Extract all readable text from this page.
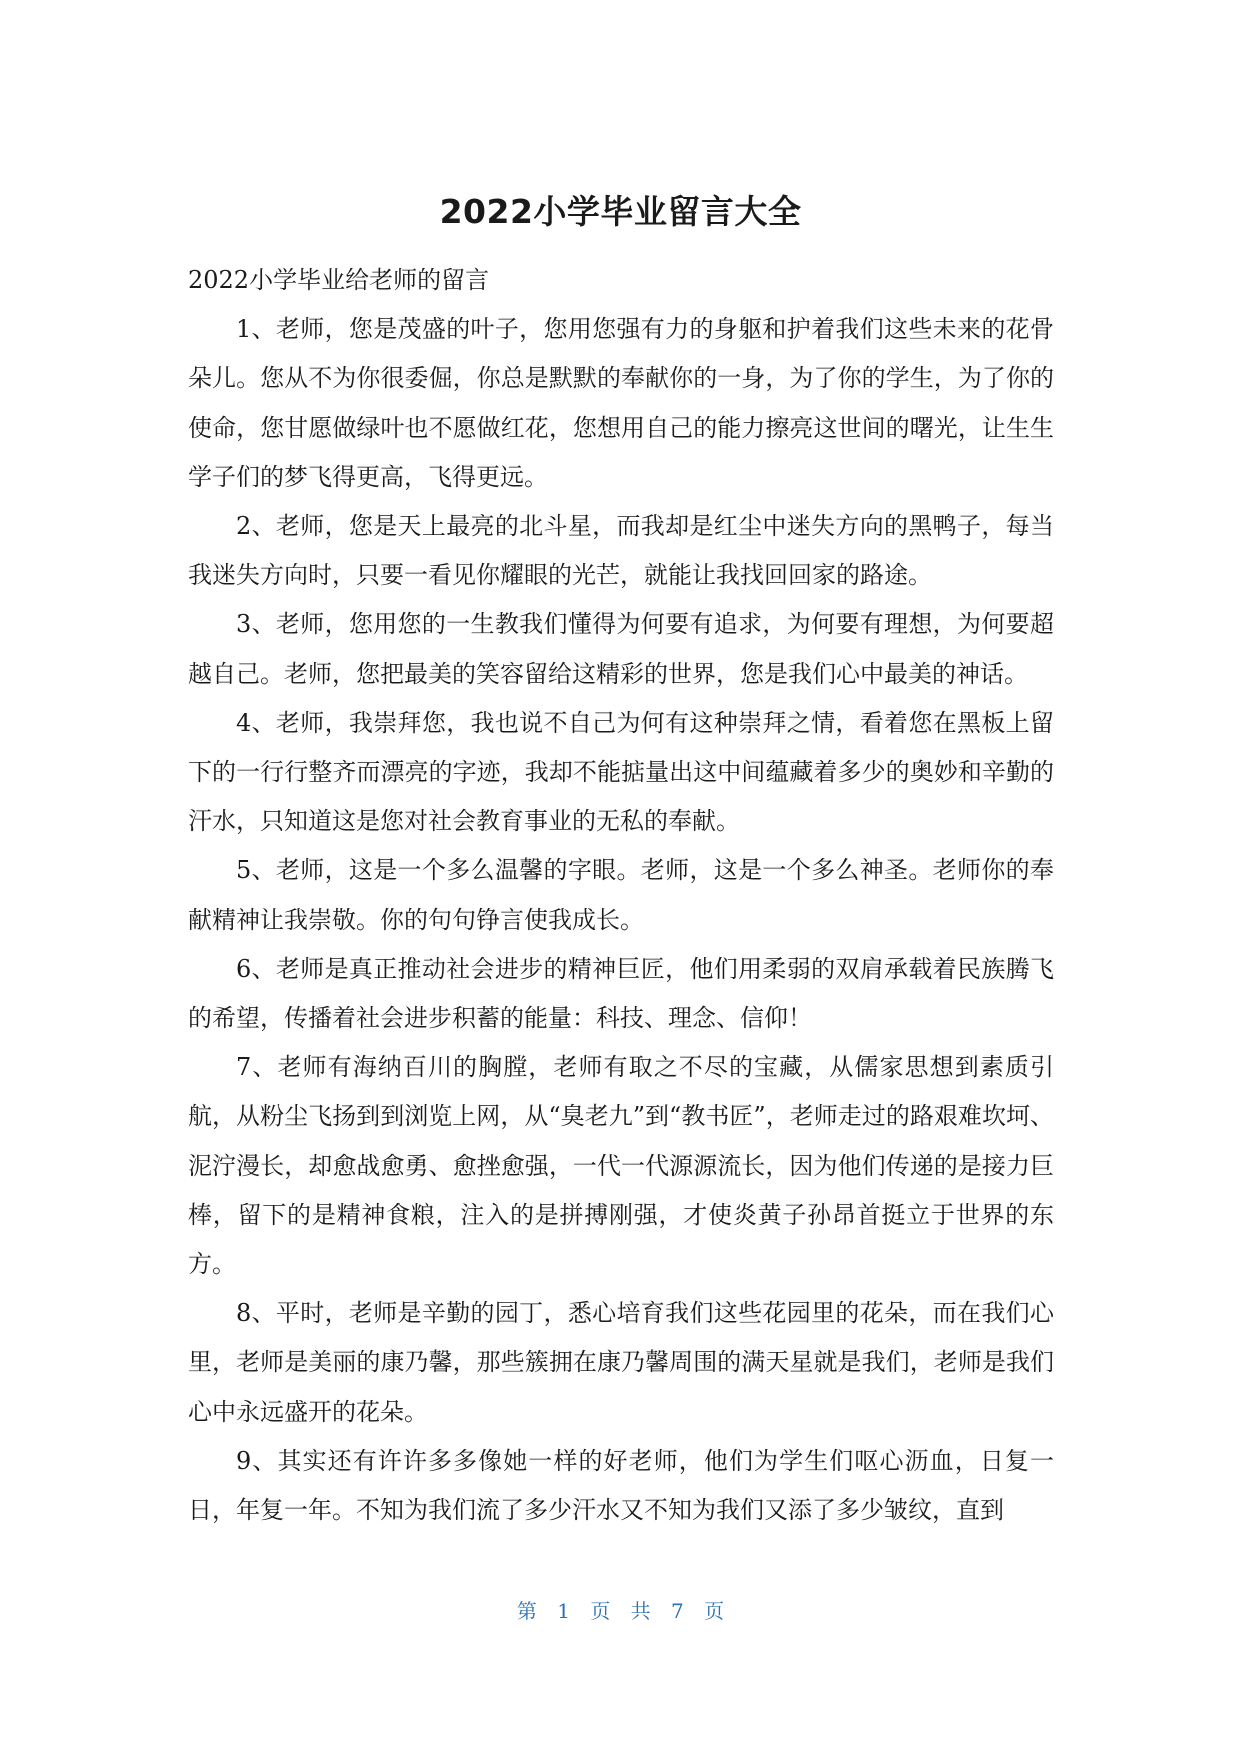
2022小学毕业留言大全

2022小学毕业给老师的留言

1、老师，您是茂盛的叶子，您用您强有力的身躯和护着我们这些未来的花骨朵儿。您从不为你很委倔，你总是默默的奉献你的一身，为了你的学生，为了你的使命，您甘愿做绿叶也不愿做红花，您想用自己的能力擦亮这世间的曙光，让生生学子们的梦飞得更高，飞得更远。

2、老师，您是天上最亮的北斗星，而我却是红尘中迷失方向的黑鸭子，每当我迷失方向时，只要一看见你耀眼的光芒，就能让我找回回家的路途。

3、老师，您用您的一生教我们懂得为何要有追求，为何要有理想，为何要超越自己。老师，您把最美的笑容留给这精彩的世界，您是我们心中最美的神话。

4、老师，我崇拜您，我也说不自己为何有这种崇拜之情，看着您在黑板上留下的一行行整齐而漂亮的字迹，我却不能掂量出这中间蕴藏着多少的奥妙和辛勤的汗水，只知道这是您对社会教育事业的无私的奉献。

5、老师，这是一个多么温馨的字眼。老师，这是一个多么神圣。老师你的奉献精神让我崇敬。你的句句铮言使我成长。

6、老师是真正推动社会进步的精神巨匠，他们用柔弱的双肩承载着民族腾飞的希望，传播着社会进步积蓄的能量：科技、理念、信仰！

7、老师有海纳百川的胸膛，老师有取之不尽的宝藏，从儒家思想到素质引航，从粉尘飞扬到到浏览上网，从“臭老九”到“教书匠”，老师走过的路艰难坎坷、泥泞漫长，却愈战愈勇、愈挫愈强，一代一代源源流长，因为他们传递的是接力巨棒，留下的是精神食粮，注入的是拼搏刚强，才使炎黄子孙昂首挺立于世界的东方。

8、平时，老师是辛勤的园丁，悉心培育我们这些花园里的花朵，而在我们心里，老师是美丽的康乃馨，那些簇拥在康乃馨周围的满天星就是我们，老师是我们心中永远盛开的花朵。

9、其实还有许许多多像她一样的好老师，他们为学生们呕心沥血，日复一日，年复一年。不知为我们流了多少汗水又不知为我们又添了多少皱纹，直到

第 1 页 共 7 页
